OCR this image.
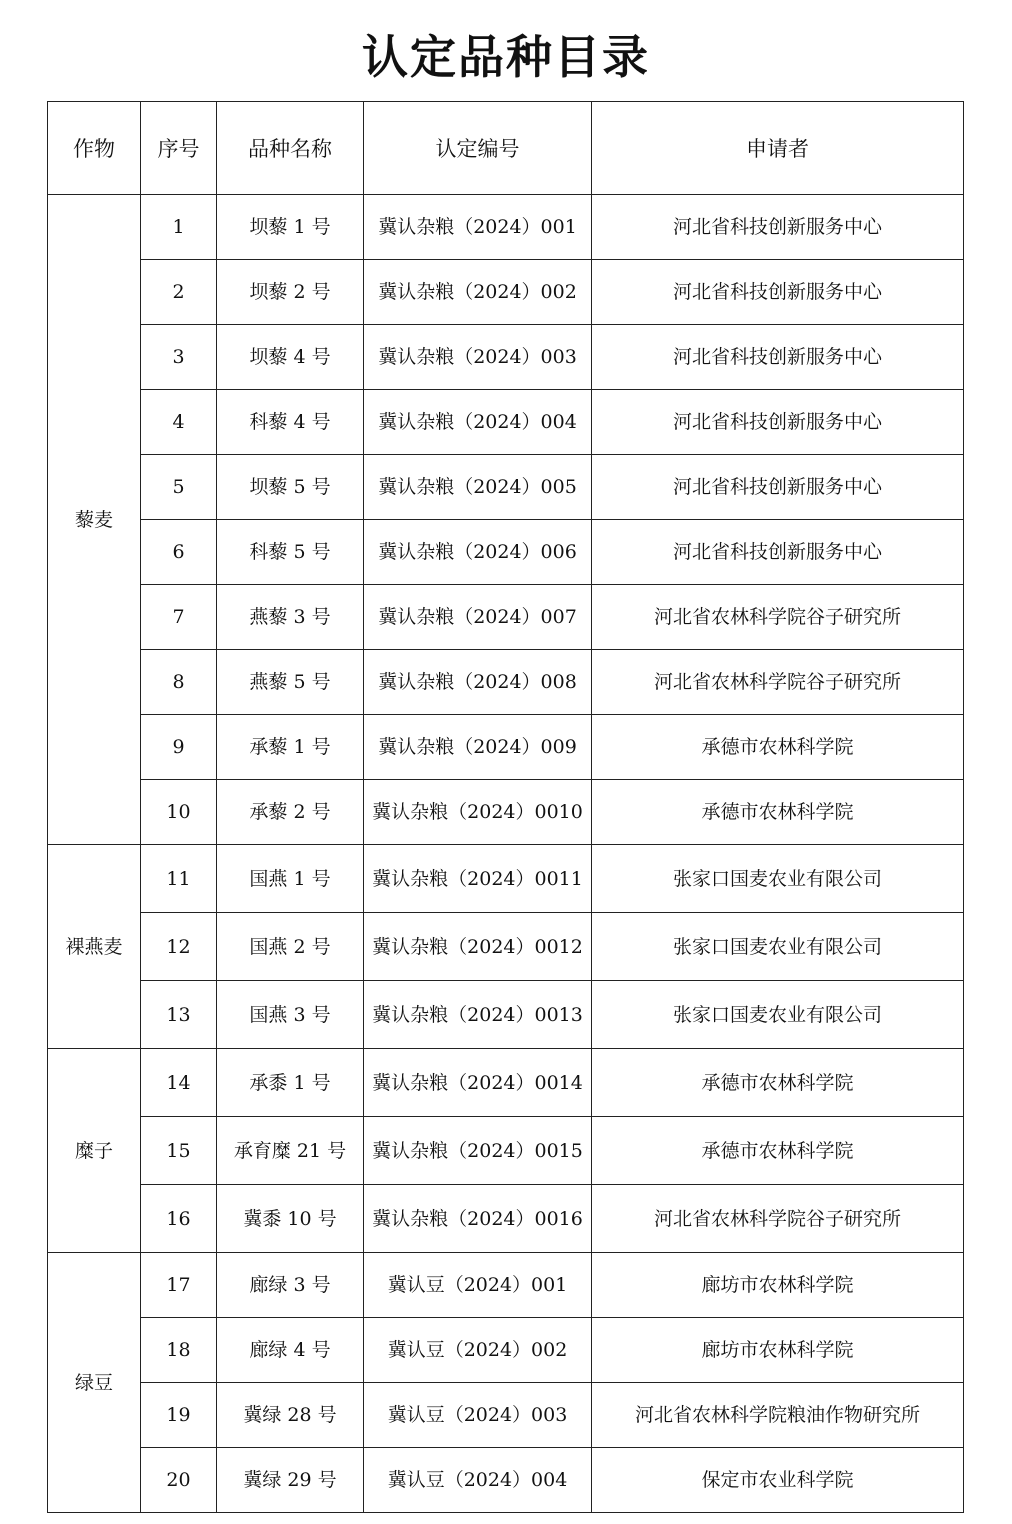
认定品种目录
作物	序号	品种名称	认定编号	申请者
藜麦	1	坝藜 1 号	冀认杂粮（2024）001	河北省科技创新服务中心
	2	坝藜 2 号	冀认杂粮（2024）002	河北省科技创新服务中心
	3	坝藜 4 号	冀认杂粮（2024）003	河北省科技创新服务中心
	4	科藜 4 号	冀认杂粮（2024）004	河北省科技创新服务中心
	5	坝藜 5 号	冀认杂粮（2024）005	河北省科技创新服务中心
	6	科藜 5 号	冀认杂粮（2024）006	河北省科技创新服务中心
	7	燕藜 3 号	冀认杂粮（2024）007	河北省农林科学院谷子研究所
	8	燕藜 5 号	冀认杂粮（2024）008	河北省农林科学院谷子研究所
	9	承藜 1 号	冀认杂粮（2024）009	承德市农林科学院
	10	承藜 2 号	冀认杂粮（2024）0010	承德市农林科学院
裸燕麦	11	国燕 1 号	冀认杂粮（2024）0011	张家口国麦农业有限公司
	12	国燕 2 号	冀认杂粮（2024）0012	张家口国麦农业有限公司
	13	国燕 3 号	冀认杂粮（2024）0013	张家口国麦农业有限公司
糜子	14	承黍 1 号	冀认杂粮（2024）0014	承德市农林科学院
	15	承育糜 21 号	冀认杂粮（2024）0015	承德市农林科学院
	16	冀黍 10 号	冀认杂粮（2024）0016	河北省农林科学院谷子研究所
绿豆	17	廊绿 3 号	冀认豆（2024）001	廊坊市农林科学院
	18	廊绿 4 号	冀认豆（2024）002	廊坊市农林科学院
	19	冀绿 28 号	冀认豆（2024）003	河北省农林科学院粮油作物研究所
	20	冀绿 29 号	冀认豆（2024）004	保定市农业科学院
